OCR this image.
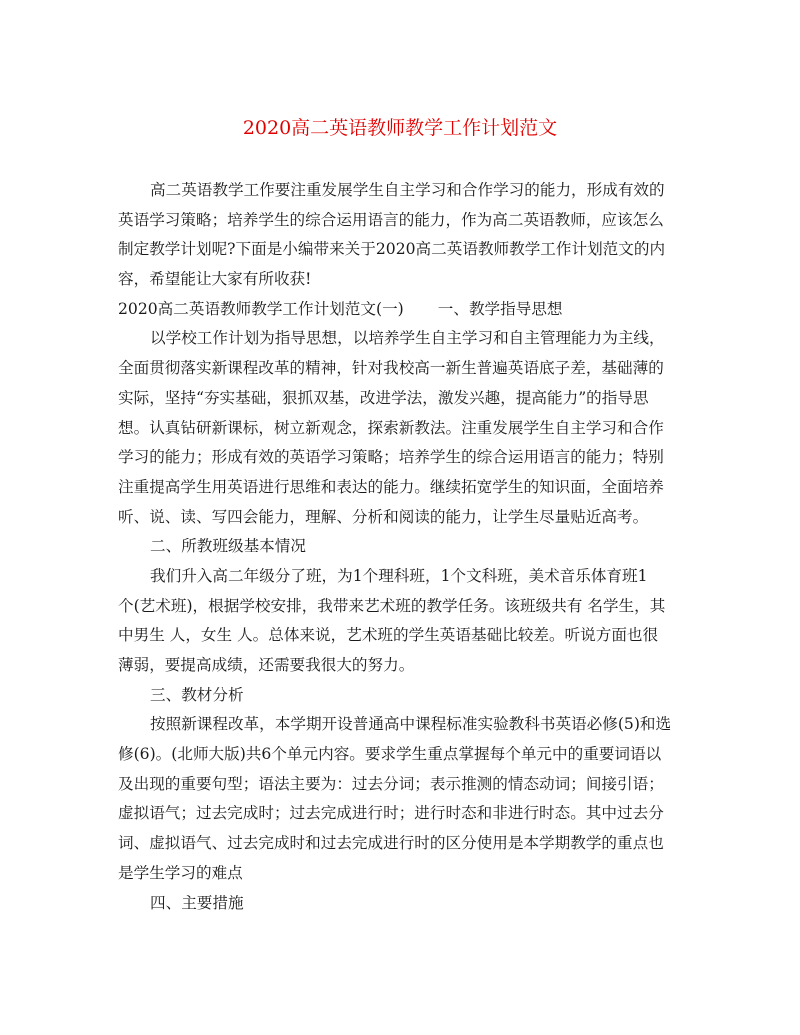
2020高二英语教师教学工作计划范文
高二英语教学工作要注重发展学生自主学习和合作学习的能力，形成有效的
英语学习策略；培养学生的综合运用语言的能力，作为高二英语教师，应该怎么
制定教学计划呢?下面是小编带来关于2020高二英语教师教学工作计划范文的内
容，希望能让大家有所收获!
2020高二英语教师教学工作计划范文(一) 一、教学指导思想
以学校工作计划为指导思想，以培养学生自主学习和自主管理能力为主线，
全面贯彻落实新课程改革的精神，针对我校高一新生普遍英语底子差，基础薄的
实际，坚持“夯实基础，狠抓双基，改进学法，激发兴趣，提高能力”的指导思
想。认真钻研新课标，树立新观念，探索新教法。注重发展学生自主学习和合作
学习的能力；形成有效的英语学习策略；培养学生的综合运用语言的能力；特别
注重提高学生用英语进行思维和表达的能力。继续拓宽学生的知识面，全面培养
听、说、读、写四会能力，理解、分析和阅读的能力，让学生尽量贴近高考。
二、所教班级基本情况
我们升入高二年级分了班，为1个理科班，1个文科班，美术音乐体育班1
个(艺术班)，根据学校安排，我带来艺术班的教学任务。该班级共有 名学生，其
中男生 人，女生 人。总体来说，艺术班的学生英语基础比较差。听说方面也很
薄弱，要提高成绩，还需要我很大的努力。
三、教材分析
按照新课程改革，本学期开设普通高中课程标准实验教科书英语必修(5)和选
修(6)。(北师大版)共6个单元内容。要求学生重点掌握每个单元中的重要词语以
及出现的重要句型；语法主要为：过去分词；表示推测的情态动词；间接引语；
虚拟语气；过去完成时；过去完成进行时；进行时态和非进行时态。其中过去分
词、虚拟语气、过去完成时和过去完成进行时的区分使用是本学期教学的重点也
是学生学习的难点
四、主要措施
